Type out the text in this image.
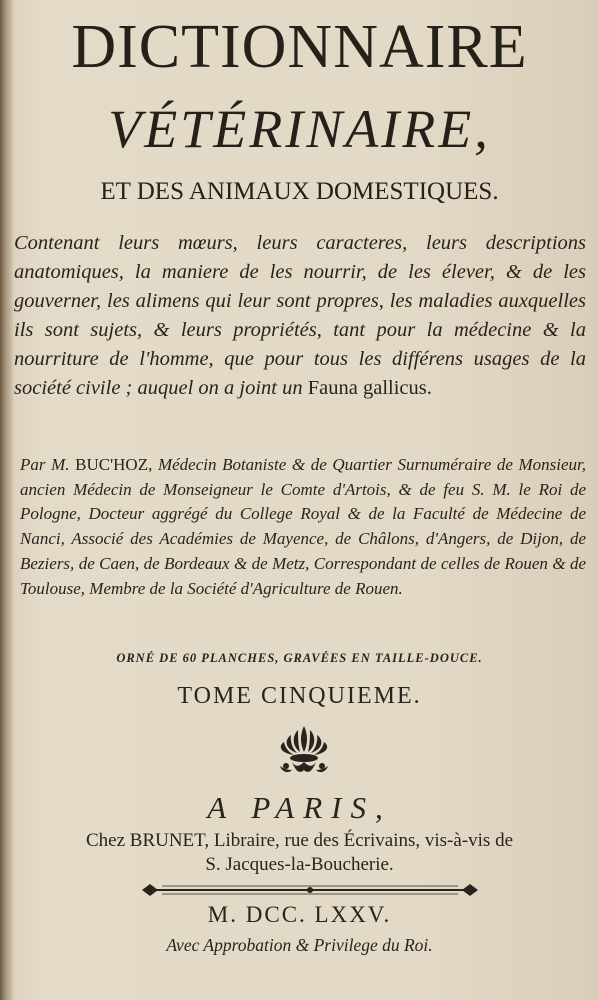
DICTIONNAIRE
VÉTÉRINAIRE,
ET DES ANIMAUX DOMESTIQUES.

Contenant leurs mœurs, leurs caracteres, leurs descriptions anatomiques, la maniere de les nourrir, de les élever, & de les gouverner, les alimens qui leur sont propres, les maladies auxquelles ils sont sujets, & leurs propriétés, tant pour la médecine & la nourriture de l'homme, que pour tous les différens usages de la société civile ; auquel on a joint un Fauna gallicus.

Par M. BUC'HOZ, Médecin Botaniste & de Quartier Surnuméraire de Monsieur, ancien Médecin de Monseigneur le Comte d'Artois, & de feu S. M. le Roi de Pologne, Docteur aggrégé du College Royal & de la Faculté de Médecine de Nanci, Associé des Académies de Mayence, de Châlons, d'Angers, de Dijon, de Beziers, de Caen, de Bordeaux & de Metz, Correspondant de celles de Rouen & de Toulouse, Membre de la Société d'Agriculture de Rouen.

ORNÉ DE 60 PLANCHES, GRAVÉES EN TAILLE-DOUCE.
TOME CINQUIEME.
A PARIS,
Chez BRUNET, Libraire, rue des Écrivains, vis-à-vis de
S. Jacques-la-Boucherie.
M. DCC. LXXV.
Avec Approbation & Privilege du Roi.
